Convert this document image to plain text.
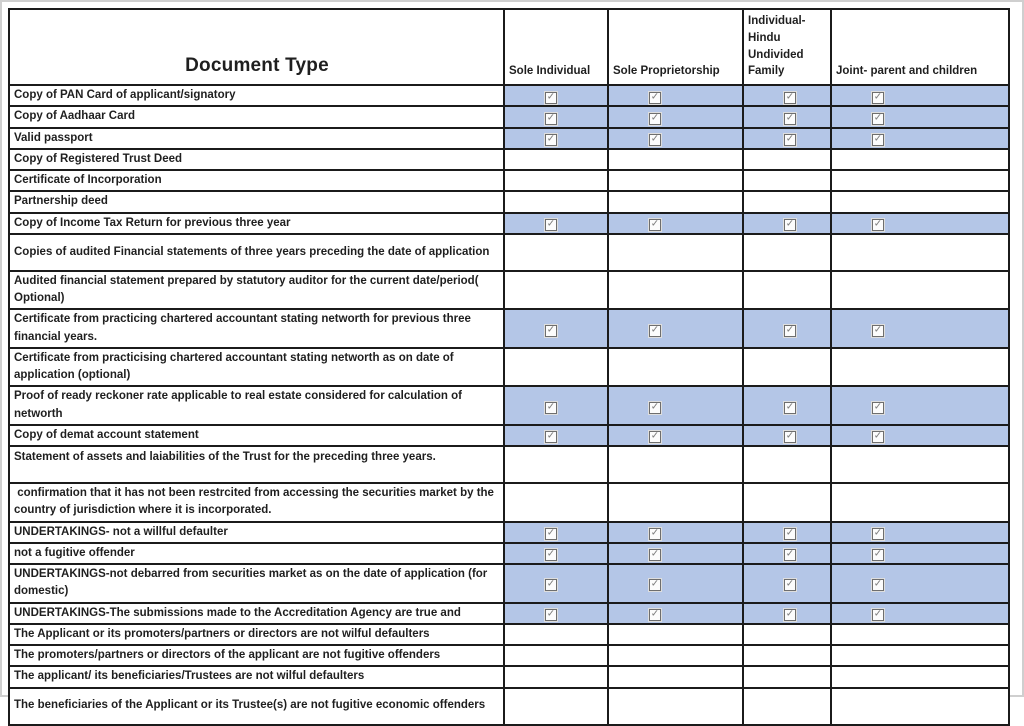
Document Type	Sole Individual	Sole Proprietorship	Individual-Hindu Undivided Family	Joint- parent and children
Copy of PAN Card of applicant/signatory	✓	✓	✓	✓

Copy of Aadhaar Card	✓	✓	✓	✓

Valid passport	✓	✓	✓	✓

Copy of Registered Trust Deed				
Certificate of Incorporation				
Partnership deed				
Copy of Income Tax Return for previous three year	✓	✓	✓	✓

Copies of audited Financial statements of three years preceding the date of application				
Audited financial statement prepared by statutory auditor for the current date/period( Optional)				
Certificate from practicing chartered accountant stating networth for previous three financial years.	✓	✓	✓	✓

Certificate from practicising chartered accountant stating networth as on date of application (optional)				
Proof of ready reckoner rate applicable to real estate considered for calculation of networth	✓	✓	✓	✓

Copy of demat account statement	✓	✓	✓	✓

Statement of assets and laiabilities of the Trust for the preceding three years.				
confirmation that it has not been restrcited from accessing the securities market by the country of jurisdiction where it is incorporated.				
UNDERTAKINGS- not a willful defaulter	✓	✓	✓	✓

not a fugitive offender	✓	✓	✓	✓

UNDERTAKINGS-not debarred from securities market as on the date of application (for domestic)	✓	✓	✓	✓

UNDERTAKINGS-The submissions made to the Accreditation Agency are true and	✓	✓	✓	✓

The Applicant or its promoters/partners or directors are not wilful defaulters				
The promoters/partners or directors of the applicant are not fugitive offenders				
The applicant/ its beneficiaries/Trustees are not wilful defaulters				
The beneficiaries of the Applicant or its Trustee(s) are not fugitive economic offenders				
